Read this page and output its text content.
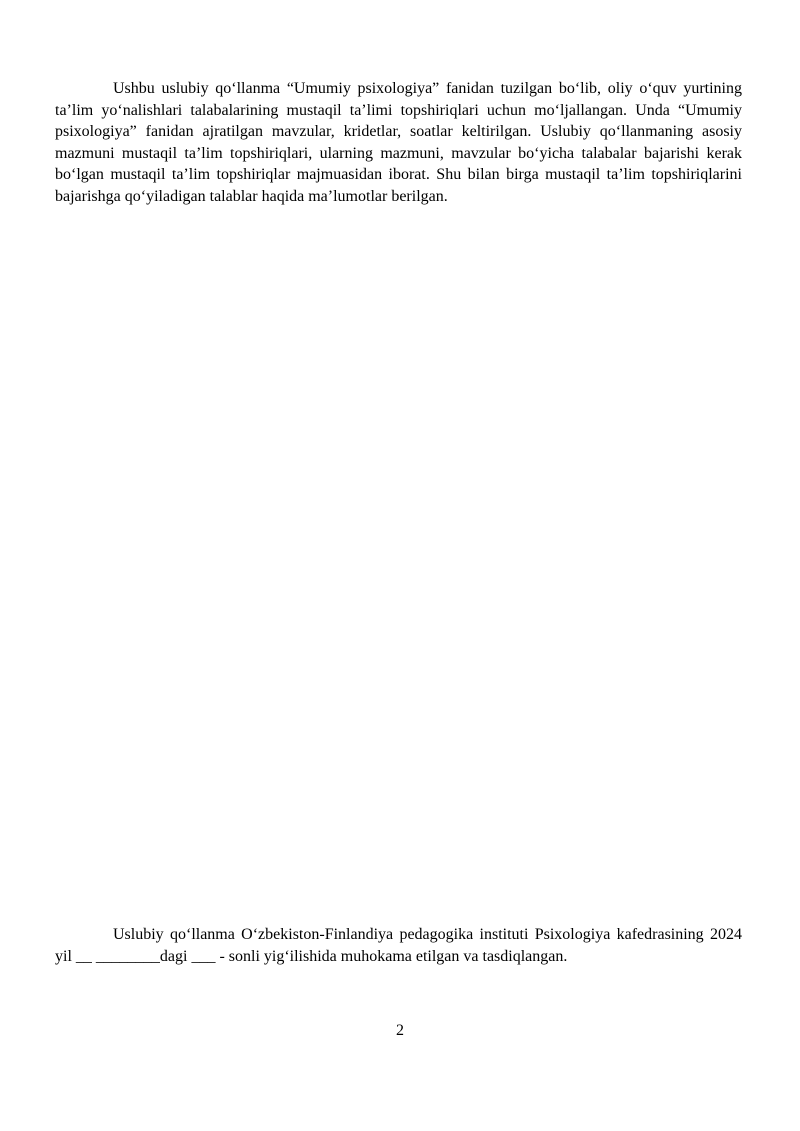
Ushbu uslubiy qo‘llanma “Umumiy psixologiya” fanidan tuzilgan bo‘lib, oliy o‘quv yurtining ta’lim yo‘nalishlari talabalarining mustaqil ta’limi topshiriqlari uchun mo‘ljallangan. Unda “Umumiy psixologiya” fanidan ajratilgan mavzular, kridetlar, soatlar keltirilgan. Uslubiy qo‘llanmaning asosiy mazmuni mustaqil ta’lim topshiriqlari, ularning mazmuni, mavzular bo‘yicha talabalar bajarishi kerak bo‘lgan mustaqil ta’lim topshiriqlar majmuasidan iborat. Shu bilan birga mustaqil ta’lim topshiriqlarini bajarishga qo‘yiladigan talablar haqida ma’lumotlar berilgan.

Uslubiy qo‘llanma O‘zbekiston-Finlandiya pedagogika instituti Psixologiya kafedrasining 2024 yil __ ________dagi ___ - sonli yig‘ilishida muhokama etilgan va tasdiqlangan.

2
